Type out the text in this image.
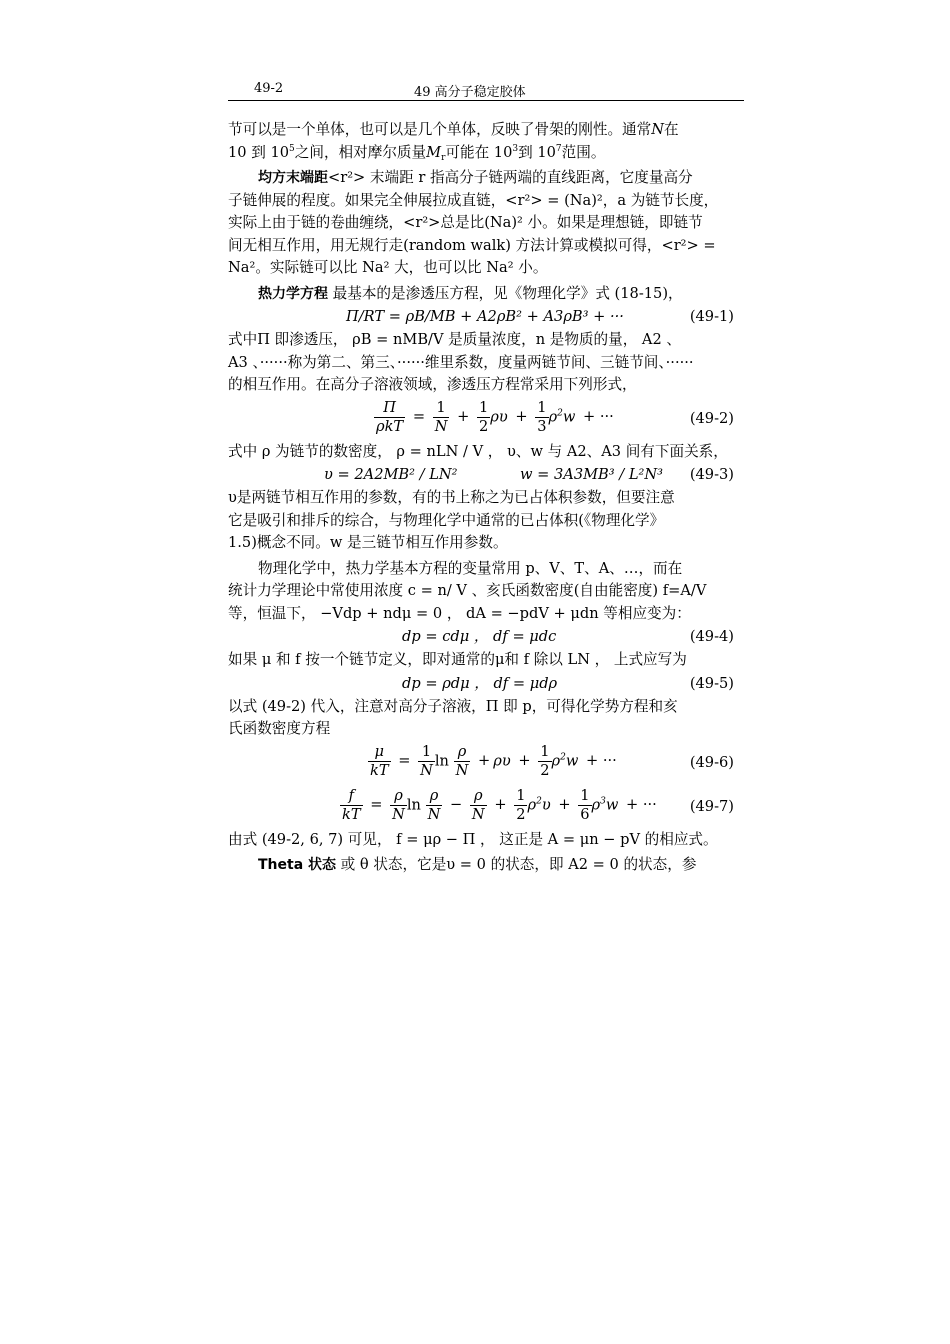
49-2	49 高分子稳定胶体
节可以是一个单体，也可以是几个单体，反映了骨架的刚性。通常N在
10 到 $10^5$之间，相对摩尔质量$M_r$可能在 $10^3$到 $10^7$范围。
均方末端距<r²> 末端距 r 指高分子链两端的直线距离，它度量高分
子链伸展的程度。如果完全伸展拉成直链，<r²> = (Na)²，a 为链节长度，
实际上由于链的卷曲缠绕，<r²>总是比(Na)² 小。如果是理想链，即链节
间无相互作用，用无规行走(random walk) 方法计算或模拟可得，<r²> =
Na²。实际链可以比 Na² 大，也可以比 Na² 小。
热力学方程 最基本的是渗透压方程，见《物理化学》式 (18-15)，
Π/RT = ρB/MB + A2ρB² + A3ρB³ + ···	(49-1)
式中Π 即渗透压， ρB = nMB/V 是质量浓度，n 是物质的量， A2 、
A3 、······称为第二、第三、······维里系数，度量两链节间、三链节间、······
的相互作用。在高分子溶液领域，渗透压方程常采用下列形式，
$\frac{\Pi}{\text{ρkT}} = \frac{1}{N} + \frac{1}{2}$ $\rho\upsilon + \frac{1}{3} \rho^2w$ + ···	(49-2)
式中 ρ 为链节的数密度， ρ = nLN / V ， υ、w 与 A2、A3 间有下面关系，
υ = 2A2MB² / LN²	w = 3A3MB³ / L²N³ (49-3)
υ是两链节相互作用的参数，有的书上称之为已占体积参数，但要注意
它是吸引和排斥的综合，与物理化学中通常的已占体积(《物理化学》
1.5)概念不同。w 是三链节相互作用参数。
物理化学中，热力学基本方程的变量常用 p、V、T、A、…，而在
统计力学理论中常使用浓度 c = n/ V 、亥氏函数密度(自由能密度) f=A/V
等，恒温下， −Vdp + ndμ = 0 ， dA = −pdV + μdn 等相应变为：
dp = cdμ ， df = μdc	(49-4)
如果 μ 和 f 按一个链节定义，即对通常的μ和 f 除以 LN ， 上式应写为
dp = ρdμ ， df = μdρ	(49-5)
以式 (49-2) 代入，注意对高分子溶液，Π 即 p，可得化学势方程和亥
氏函数密度方程
$\frac{\mu}{kT} = \frac{1}{N}$ $\ln \frac{\rho}{N} + \rho\upsilon + \frac{1}{2} \rho^2w$ + ···	(49-6)
$\frac{f}{kT} = \frac{\rho}{N}$ $\ln \frac{\rho}{N} - \frac{\rho}{N} + \frac{1}{2} \rho^2\upsilon + \frac{1}{6} \rho^3w$ + ··· (49-7)
由式 (49-2, 6, 7) 可见， f = μρ − Π ， 这正是 A = μn − pV 的相应式。
Theta 状态 或 θ 状态，它是υ = 0 的状态，即 A2 = 0 的状态，参
